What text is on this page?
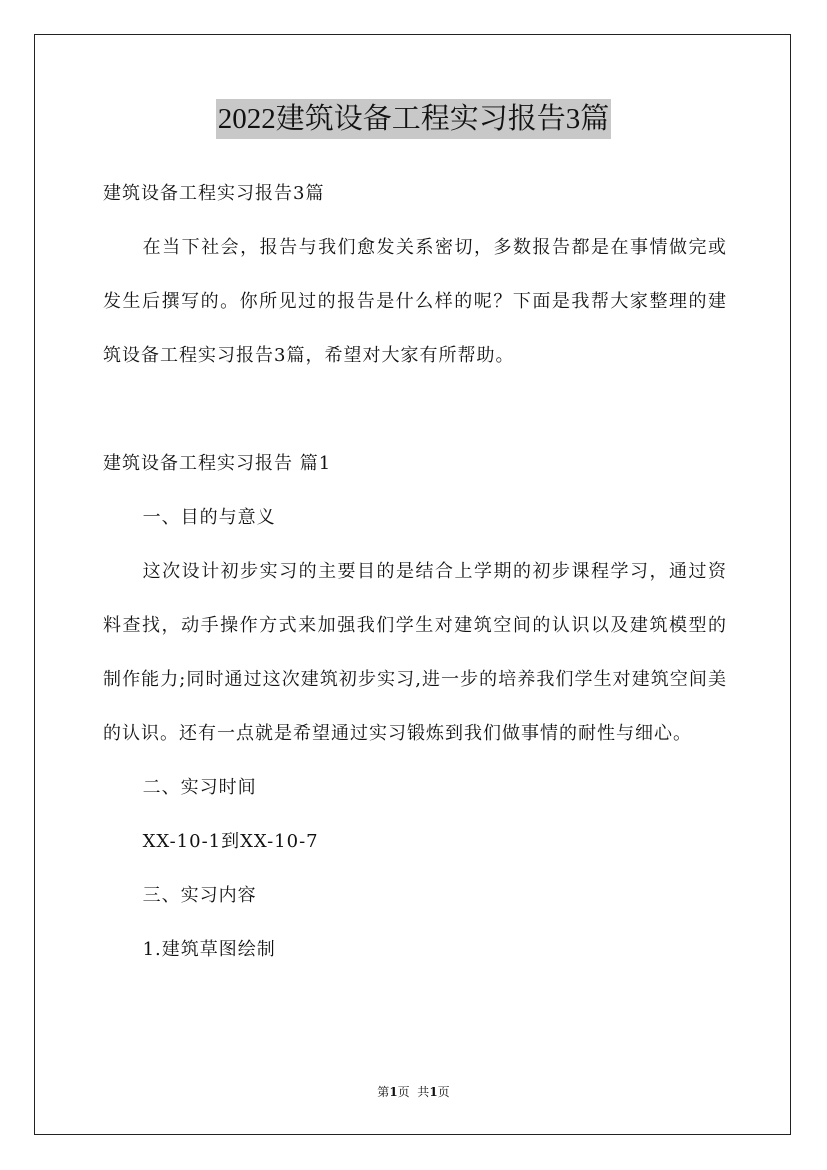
2022建筑设备工程实习报告3篇

建筑设备工程实习报告3篇

在当下社会，报告与我们愈发关系密切，多数报告都是在事情做完或发生后撰写的。你所见过的报告是什么样的呢？下面是我帮大家整理的建筑设备工程实习报告3篇，希望对大家有所帮助。

建筑设备工程实习报告 篇1

一、目的与意义

这次设计初步实习的主要目的是结合上学期的初步课程学习，通过资料查找，动手操作方式来加强我们学生对建筑空间的认识以及建筑模型的制作能力;同时通过这次建筑初步实习,进一步的培养我们学生对建筑空间美的认识。还有一点就是希望通过实习锻炼到我们做事情的耐性与细心。

二、实习时间

XX-10-1到XX-10-7

三、实习内容

1.建筑草图绘制

第1页  共1页
